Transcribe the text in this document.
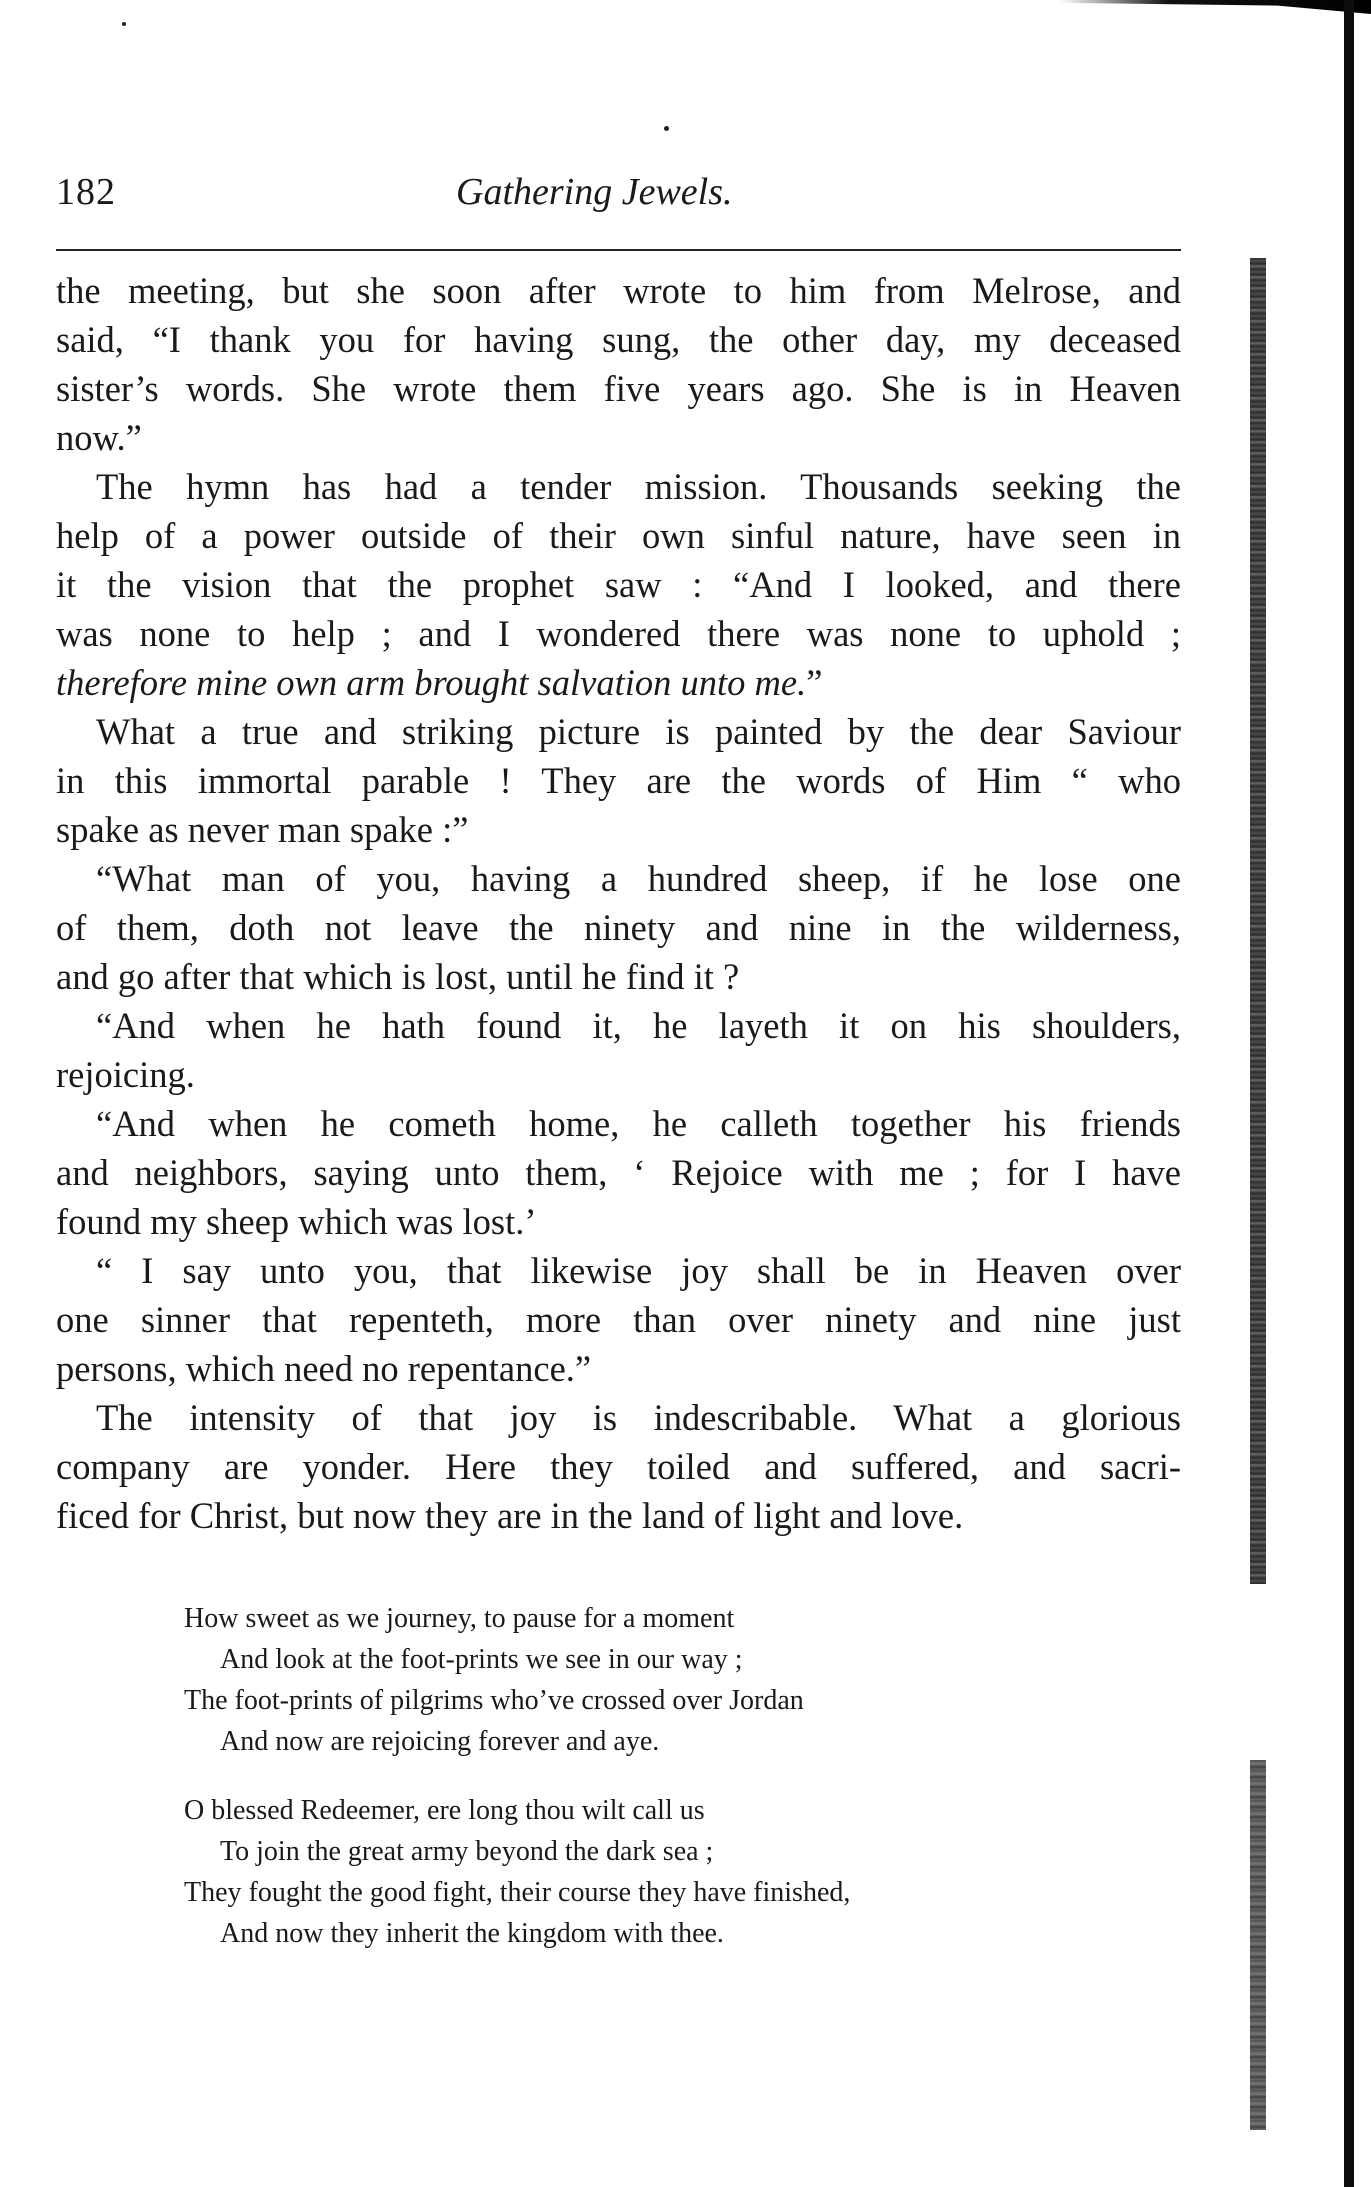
182	Gathering Jewels.

the meeting, but she soon after wrote to him from Melrose, and
said, “I thank you for having sung, the other day, my deceased
sister’s words. She wrote them five years ago. She is in Heaven
now.”

The hymn has had a tender mission. Thousands seeking the
help of a power outside of their own sinful nature, have seen in
it the vision that the prophet saw : “And I looked, and there
was none to help ; and I wondered there was none to uphold ;
therefore mine own arm brought salvation unto me.”

What a true and striking picture is painted by the dear Saviour
in this immortal parable ! They are the words of Him “ who
spake as never man spake :”

“What man of you, having a hundred sheep, if he lose one
of them, doth not leave the ninety and nine in the wilderness,
and go after that which is lost, until he find it ?

“And when he hath found it, he layeth it on his shoulders,
rejoicing.

“And when he cometh home, he calleth together his friends
and neighbors, saying unto them, ‘ Rejoice with me ; for I have
found my sheep which was lost.’

“ I say unto you, that likewise joy shall be in Heaven over
one sinner that repenteth, more than over ninety and nine just
persons, which need no repentance.”

The intensity of that joy is indescribable. What a glorious
company are yonder. Here they toiled and suffered, and sacri-
ficed for Christ, but now they are in the land of light and love.

How sweet as we journey, to pause for a moment
And look at the foot-prints we see in our way ;
The foot-prints of pilgrims who’ve crossed over Jordan
And now are rejoicing forever and aye.
O blessed Redeemer, ere long thou wilt call us
To join the great army beyond the dark sea ;
They fought the good fight, their course they have finished,
And now they inherit the kingdom with thee.
